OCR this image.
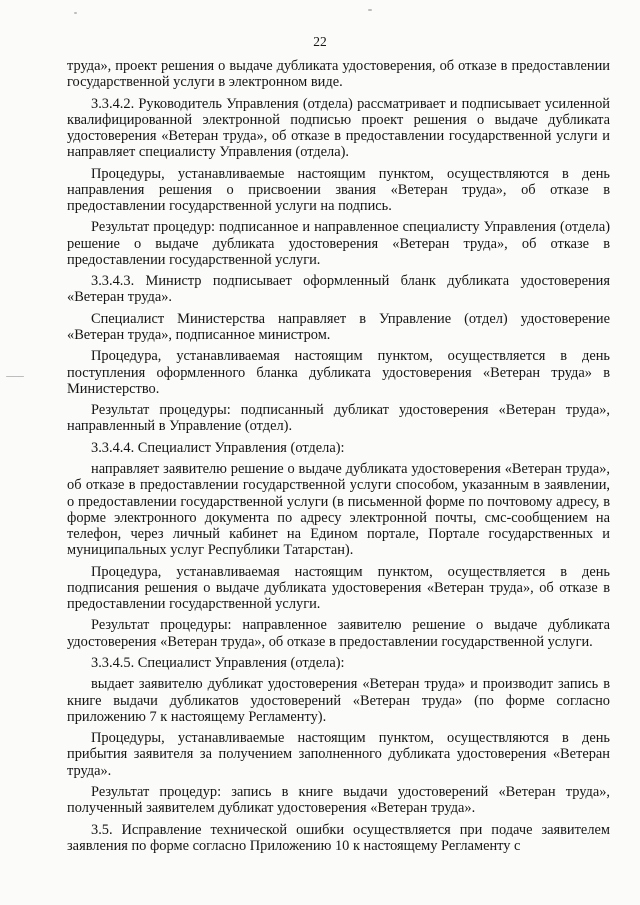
22

труда», проект решения о выдаче дубликата удостоверения, об отказе в предоставлении государственной услуги в электронном виде.

3.3.4.2. Руководитель Управления (отдела) рассматривает и подписывает усиленной квалифицированной электронной подписью проект решения о выдаче дубликата удостоверения «Ветеран труда», об отказе в предоставлении государственной услуги и направляет специалисту Управления (отдела).

Процедуры, устанавливаемые настоящим пунктом, осуществляются в день направления решения о присвоении звания «Ветеран труда», об отказе в предоставлении государственной услуги на подпись.

Результат процедур: подписанное и направленное специалисту Управления (отдела) решение о выдаче дубликата удостоверения «Ветеран труда», об отказе в предоставлении государственной услуги.

3.3.4.3. Министр подписывает оформленный бланк дубликата удостоверения «Ветеран труда».

Специалист Министерства направляет в Управление (отдел) удостоверение «Ветеран труда», подписанное министром.

Процедура, устанавливаемая настоящим пунктом, осуществляется в день поступления оформленного бланка дубликата удостоверения «Ветеран труда» в Министерство.

Результат процедуры: подписанный дубликат удостоверения «Ветеран труда», направленный в Управление (отдел).

3.3.4.4. Специалист Управления (отдела):

направляет заявителю решение о выдаче дубликата удостоверения «Ветеран труда», об отказе в предоставлении государственной услуги способом, указанным в заявлении, о предоставлении государственной услуги (в письменной форме по почтовому адресу, в форме электронного документа по адресу электронной почты, смс-сообщением на телефон, через личный кабинет на Едином портале, Портале государственных и муниципальных услуг Республики Татарстан).

Процедура, устанавливаемая настоящим пунктом, осуществляется в день подписания решения о выдаче дубликата удостоверения «Ветеран труда», об отказе в предоставлении государственной услуги.

Результат процедуры: направленное заявителю решение о выдаче дубликата удостоверения «Ветеран труда», об отказе в предоставлении государственной услуги.

3.3.4.5. Специалист Управления (отдела):

выдает заявителю дубликат удостоверения «Ветеран труда» и производит запись в книге выдачи дубликатов удостоверений «Ветеран труда» (по форме согласно приложению 7 к настоящему Регламенту).

Процедуры, устанавливаемые настоящим пунктом, осуществляются в день прибытия заявителя за получением заполненного дубликата удостоверения «Ветеран труда».

Результат процедур: запись в книге выдачи удостоверений «Ветеран труда», полученный заявителем дубликат удостоверения «Ветеран труда».

3.5. Исправление технической ошибки осуществляется при подаче заявителем заявления по форме согласно Приложению 10 к настоящему Регламенту с
